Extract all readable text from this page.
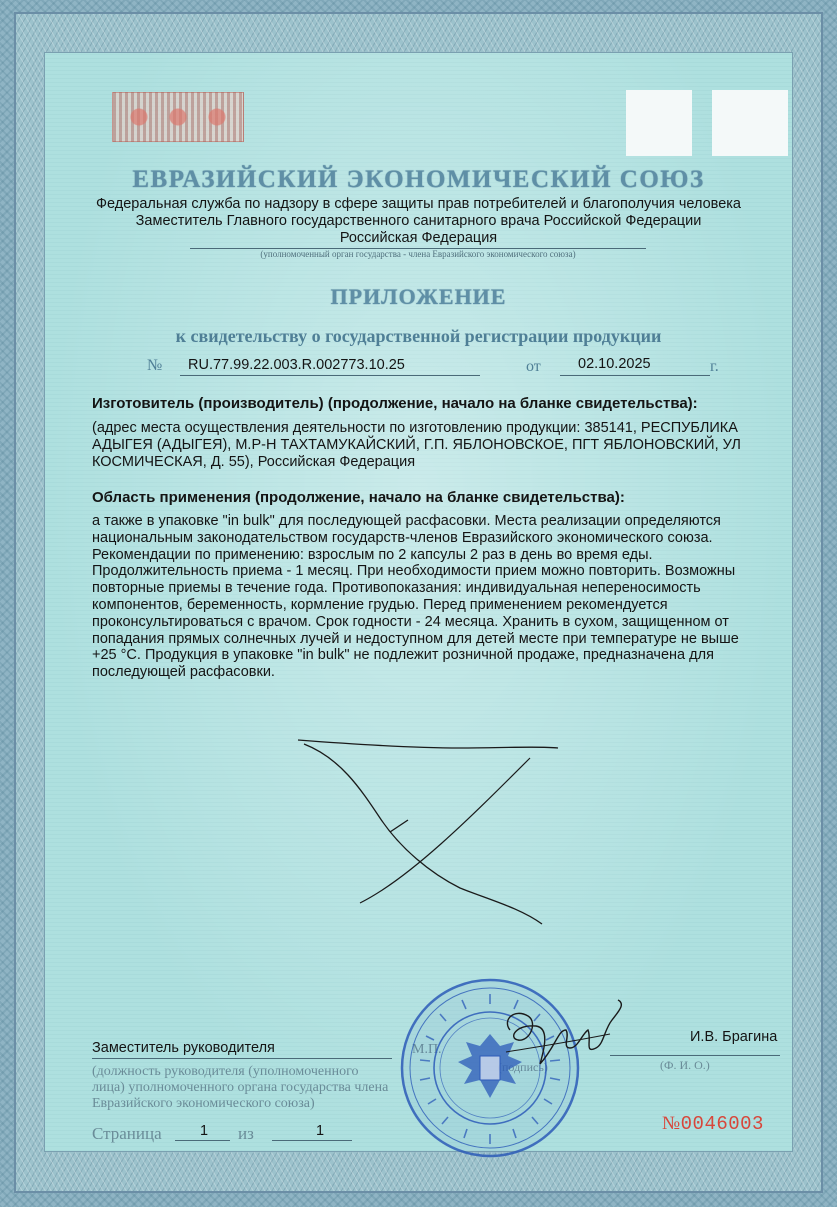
ЕВРАЗИЙСКИЙ ЭКОНОМИЧЕСКИЙ СОЮЗ
Федеральная служба по надзору в сфере защиты прав потребителей и благополучия человека
Заместитель Главного государственного санитарного врача Российской Федерации
Российская Федерация
(уполномоченный орган государства - члена Евразийского экономического союза)
ПРИЛОЖЕНИЕ
к свидетельству о государственной регистрации продукции
№ RU.77.99.22.003.R.002773.10.25	от	02.10.2025	г.
Изготовитель (производитель) (продолжение, начало на бланке свидетельства):
(адрес места осуществления деятельности по изготовлению продукции: 385141, РЕСПУБЛИКА
АДЫГЕЯ (АДЫГЕЯ), М.Р-Н ТАХТАМУКАЙСКИЙ, Г.П. ЯБЛОНОВСКОЕ, ПГТ ЯБЛОНОВСКИЙ, УЛ
КОСМИЧЕСКАЯ, Д. 55), Российская Федерация
Область применения (продолжение, начало на бланке свидетельства):
а также в упаковке "in bulk" для последующей расфасовки. Места реализации определяются
национальным законодательством государств-членов Евразийского экономического союза.
Рекомендации по применению: взрослым по 2 капсулы 2 раз в день во время еды.
Продолжительность приема - 1 месяц. При необходимости прием можно повторить. Возможны
повторные приемы в течение года. Противопоказания: индивидуальная непереносимость
компонентов, беременность, кормление грудью. Перед применением рекомендуется
проконсультироваться с врачом. Срок годности - 24 месяца. Хранить в сухом, защищенном от
попадания прямых солнечных лучей и недоступном для детей месте при температуре не выше
+25 °С. Продукция в упаковке "in bulk" не подлежит розничной продаже, предназначена для
последующей расфасовки.
Заместитель руководителя
(должность руководителя (уполномоченного лица) уполномоченного органа государства члена Евразийского экономического союза)
И.В. Брагина
(Ф. И. О.)
Страница	1 из	1	№0046003
